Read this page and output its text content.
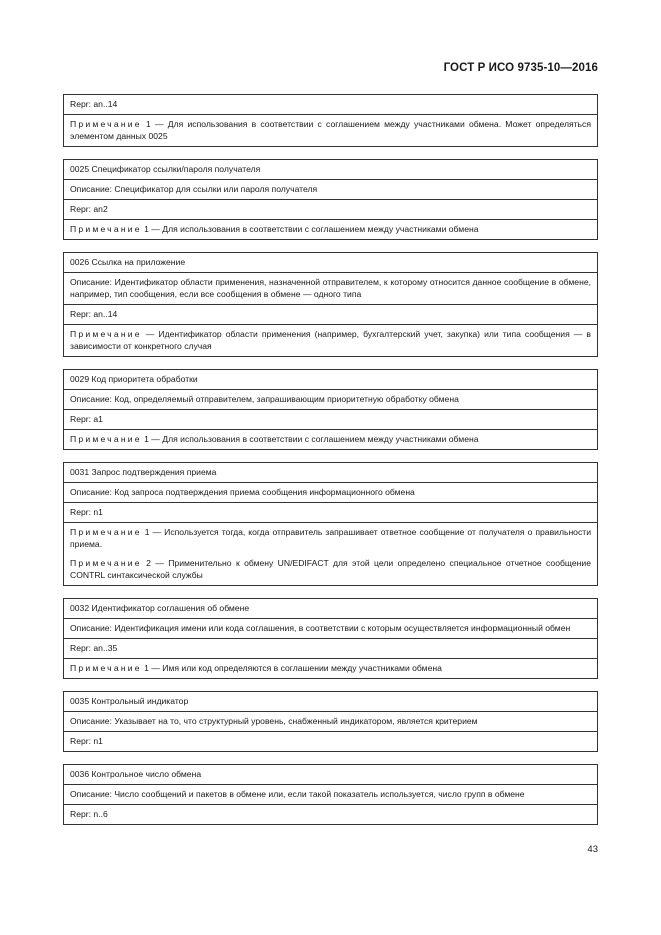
ГОСТ Р ИСО 9735-10—2016
Repr: an..14
Примечание 1 — Для использования в соответствии с соглашением между участниками обмена. Может определяться элементом данных 0025
0025 Спецификатор ссылки/пароля получателя
Описание: Спецификатор для ссылки или пароля получателя
Repr: an2
Примечание 1 — Для использования в соответствии с соглашением между участниками обмена
0026 Ссылка на приложение
Описание: Идентификатор области применения, назначенной отправителем, к которому относится данное сообщение в обмене, например, тип сообщения, если все сообщения в обмене — одного типа
Repr: an..14
Примечание — Идентификатор области применения (например, бухгалтерский учет, закупка) или типа сообщения — в зависимости от конкретного случая
0029 Код приоритета обработки
Описание: Код, определяемый отправителем, запрашивающим приоритетную обработку обмена
Repr: a1
Примечание 1 — Для использования в соответствии с соглашением между участниками обмена
0031 Запрос подтверждения приема
Описание: Код запроса подтверждения приема сообщения информационного обмена
Repr: n1
Примечание 1 — Используется тогда, когда отправитель запрашивает ответное сообщение от получателя о правильности приема.
Примечание 2 — Применительно к обмену UN/EDIFACT для этой цели определено специальное отчетное сообщение CONTRL синтаксической службы
0032 Идентификатор соглашения об обмене
Описание: Идентификация имени или кода соглашения, в соответствии с которым осуществляется информационный обмен
Repr: an..35
Примечание 1 — Имя или код определяются в соглашении между участниками обмена
0035 Контрольный индикатор
Описание: Указывает на то, что структурный уровень, снабженный индикатором, является критерием
Repr: n1
0036 Контрольное число обмена
Описание: Число сообщений и пакетов в обмене или, если такой показатель используется, число групп в обмене
Repr: n..6
43
